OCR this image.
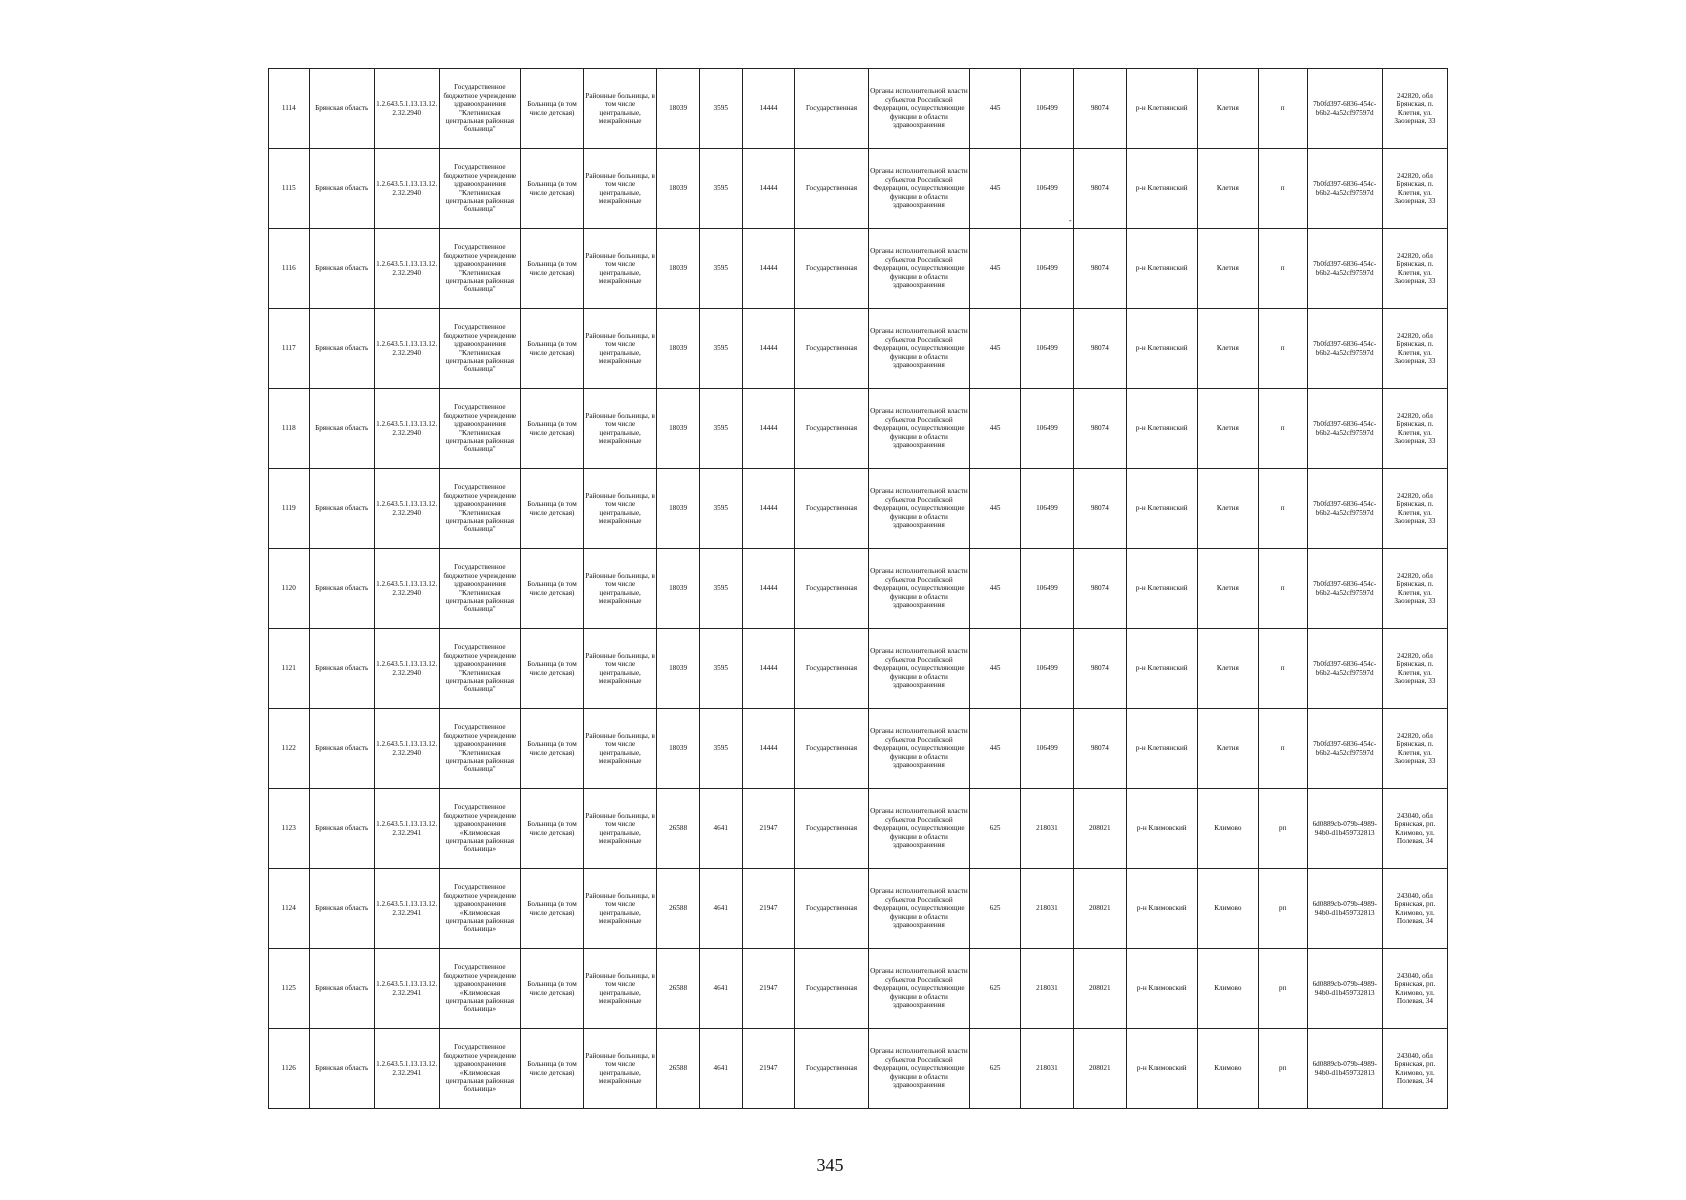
1114	Брянская область	1.2.643.5.1.13.13.12.2.32.2940	Государственное бюджетное учреждение здравоохранения "Клетнянская центральная районная больница"	Больница (в том числе детская)	Районные больницы, в том числе центральные, межрайонные	18039	3595	14444	Государственная	Органы исполнительной власти субъектов Российской Федерации, осуществляющие функции в области здравоохранения	445	106499	98074	р-н Клетнянский	Клетня	п	7b0fd397-6836-454c-b6b2-4a52cf97597d	242820, обл Брянская, п. Клетня, ул. Заозерная, 33
1115	Брянская область	1.2.643.5.1.13.13.12.2.32.2940	Государственное бюджетное учреждение здравоохранения "Клетнянская центральная районная больница"	Больница (в том числе детская)	Районные больницы, в том числе центральные, межрайонные	18039	3595	14444	Государственная	Органы исполнительной власти субъектов Российской Федерации, осуществляющие функции в области здравоохранения	445	106499	98074	р-н Клетнянский	Клетня	п	7b0fd397-6836-454c-b6b2-4a52cf97597d	242820, обл Брянская, п. Клетня, ул. Заозерная, 33
1116	Брянская область	1.2.643.5.1.13.13.12.2.32.2940	Государственное бюджетное учреждение здравоохранения "Клетнянская центральная районная больница"	Больница (в том числе детская)	Районные больницы, в том числе центральные, межрайонные	18039	3595	14444	Государственная	Органы исполнительной власти субъектов Российской Федерации, осуществляющие функции в области здравоохранения	445	106499	98074	р-н Клетнянский	Клетня	п	7b0fd397-6836-454c-b6b2-4a52cf97597d	242820, обл Брянская, п. Клетня, ул. Заозерная, 33
1117	Брянская область	1.2.643.5.1.13.13.12.2.32.2940	Государственное бюджетное учреждение здравоохранения "Клетнянская центральная районная больница"	Больница (в том числе детская)	Районные больницы, в том числе центральные, межрайонные	18039	3595	14444	Государственная	Органы исполнительной власти субъектов Российской Федерации, осуществляющие функции в области здравоохранения	445	106499	98074	р-н Клетнянский	Клетня	п	7b0fd397-6836-454c-b6b2-4a52cf97597d	242820, обл Брянская, п. Клетня, ул. Заозерная, 33
1118	Брянская область	1.2.643.5.1.13.13.12.2.32.2940	Государственное бюджетное учреждение здравоохранения "Клетнянская центральная районная больница"	Больница (в том числе детская)	Районные больницы, в том числе центральные, межрайонные	18039	3595	14444	Государственная	Органы исполнительной власти субъектов Российской Федерации, осуществляющие функции в области здравоохранения	445	106499	98074	р-н Клетнянский	Клетня	п	7b0fd397-6836-454c-b6b2-4a52cf97597d	242820, обл Брянская, п. Клетня, ул. Заозерная, 33
1119	Брянская область	1.2.643.5.1.13.13.12.2.32.2940	Государственное бюджетное учреждение здравоохранения "Клетнянская центральная районная больница"	Больница (в том числе детская)	Районные больницы, в том числе центральные, межрайонные	18039	3595	14444	Государственная	Органы исполнительной власти субъектов Российской Федерации, осуществляющие функции в области здравоохранения	445	106499	98074	р-н Клетнянский	Клетня	п	7b0fd397-6836-454c-b6b2-4a52cf97597d	242820, обл Брянская, п. Клетня, ул. Заозерная, 33
1120	Брянская область	1.2.643.5.1.13.13.12.2.32.2940	Государственное бюджетное учреждение здравоохранения "Клетнянская центральная районная больница"	Больница (в том числе детская)	Районные больницы, в том числе центральные, межрайонные	18039	3595	14444	Государственная	Органы исполнительной власти субъектов Российской Федерации, осуществляющие функции в области здравоохранения	445	106499	98074	р-н Клетнянский	Клетня	п	7b0fd397-6836-454c-b6b2-4a52cf97597d	242820, обл Брянская, п. Клетня, ул. Заозерная, 33
1121	Брянская область	1.2.643.5.1.13.13.12.2.32.2940	Государственное бюджетное учреждение здравоохранения "Клетнянская центральная районная больница"	Больница (в том числе детская)	Районные больницы, в том числе центральные, межрайонные	18039	3595	14444	Государственная	Органы исполнительной власти субъектов Российской Федерации, осуществляющие функции в области здравоохранения	445	106499	98074	р-н Клетнянский	Клетня	п	7b0fd397-6836-454c-b6b2-4a52cf97597d	242820, обл Брянская, п. Клетня, ул. Заозерная, 33
1122	Брянская область	1.2.643.5.1.13.13.12.2.32.2940	Государственное бюджетное учреждение здравоохранения "Клетнянская центральная районная больница"	Больница (в том числе детская)	Районные больницы, в том числе центральные, межрайонные	18039	3595	14444	Государственная	Органы исполнительной власти субъектов Российской Федерации, осуществляющие функции в области здравоохранения	445	106499	98074	р-н Клетнянский	Клетня	п	7b0fd397-6836-454c-b6b2-4a52cf97597d	242820, обл Брянская, п. Клетня, ул. Заозерная, 33
1123	Брянская область	1.2.643.5.1.13.13.12.2.32.2941	Государственное бюджетное учреждение здравоохранения «Климовская центральная районная больница»	Больница (в том числе детская)	Районные больницы, в том числе центральные, межрайонные	26588	4641	21947	Государственная	Органы исполнительной власти субъектов Российской Федерации, осуществляющие функции в области здравоохранения	625	218031	208021	р-н Климовский	Климово	рп	6d0889cb-079b-4989-94b0-d1b459732813	243040, обл Брянская, рп. Климово, ул. Полевая, 34
1124	Брянская область	1.2.643.5.1.13.13.12.2.32.2941	Государственное бюджетное учреждение здравоохранения «Климовская центральная районная больница»	Больница (в том числе детская)	Районные больницы, в том числе центральные, межрайонные	26588	4641	21947	Государственная	Органы исполнительной власти субъектов Российской Федерации, осуществляющие функции в области здравоохранения	625	218031	208021	р-н Климовский	Климово	рп	6d0889cb-079b-4989-94b0-d1b459732813	243040, обл Брянская, рп. Климово, ул. Полевая, 34
1125	Брянская область	1.2.643.5.1.13.13.12.2.32.2941	Государственное бюджетное учреждение здравоохранения «Климовская центральная районная больница»	Больница (в том числе детская)	Районные больницы, в том числе центральные, межрайонные	26588	4641	21947	Государственная	Органы исполнительной власти субъектов Российской Федерации, осуществляющие функции в области здравоохранения	625	218031	208021	р-н Климовский	Климово	рп	6d0889cb-079b-4989-94b0-d1b459732813	243040, обл Брянская, рп. Климово, ул. Полевая, 34
1126	Брянская область	1.2.643.5.1.13.13.12.2.32.2941	Государственное бюджетное учреждение здравоохранения «Климовская центральная районная больница»	Больница (в том числе детская)	Районные больницы, в том числе центральные, межрайонные	26588	4641	21947	Государственная	Органы исполнительной власти субъектов Российской Федерации, осуществляющие функции в области здравоохранения	625	218031	208021	р-н Климовский	Климово	рп	6d0889cb-079b-4989-94b0-d1b459732813	243040, обл Брянская, рп. Климово, ул. Полевая, 34
-
345
